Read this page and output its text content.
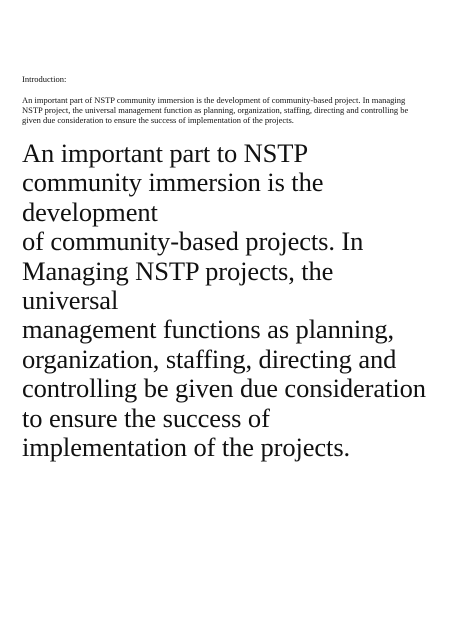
Introduction:

An important part of NSTP community immersion is the development of community-based project. In managing
NSTP project, the universal management function as planning, organization, staffing, directing and controlling be
given due consideration to ensure the success of implementation of the projects.

An important part to NSTP
community immersion is the
development
of community-based projects. In
Managing NSTP projects, the
universal
management functions as planning,
organization, staffing, directing and
controlling be given due consideration
to ensure the success of
implementation of the projects.
